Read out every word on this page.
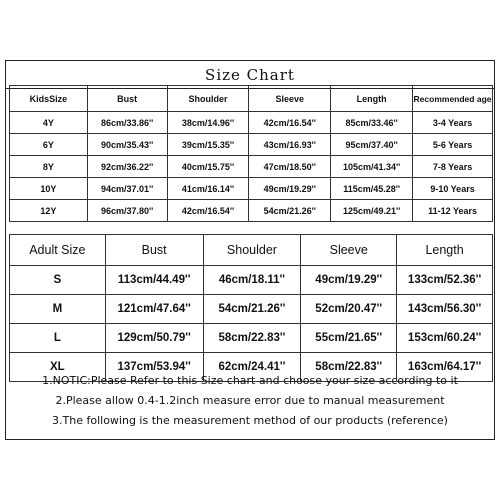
Size Chart
KidsSize	Bust	Shoulder	Sleeve	Length	Recommended age
4Y	86cm/33.86''	38cm/14.96''	42cm/16.54''	85cm/33.46''	3-4 Years
6Y	90cm/35.43''	39cm/15.35''	43cm/16.93''	95cm/37.40''	5-6 Years
8Y	92cm/36.22''	40cm/15.75''	47cm/18.50''	105cm/41.34''	7-8 Years
10Y	94cm/37.01''	41cm/16.14''	49cm/19.29''	115cm/45.28''	9-10 Years
12Y	96cm/37.80''	42cm/16.54''	54cm/21.26''	125cm/49.21''	11-12 Years
Adult Size	Bust	Shoulder	Sleeve	Length
S	113cm/44.49''	46cm/18.11''	49cm/19.29''	133cm/52.36''
M	121cm/47.64''	54cm/21.26''	52cm/20.47''	143cm/56.30''
L	129cm/50.79''	58cm/22.83''	55cm/21.65''	153cm/60.24''
XL	137cm/53.94''	62cm/24.41''	58cm/22.83''	163cm/64.17''
1.NOTIC:Please Refer to this Size chart and choose your size according to it
2.Please allow 0.4-1.2inch measure error due to manual measurement
3.The following is the measurement method of our products (reference)
